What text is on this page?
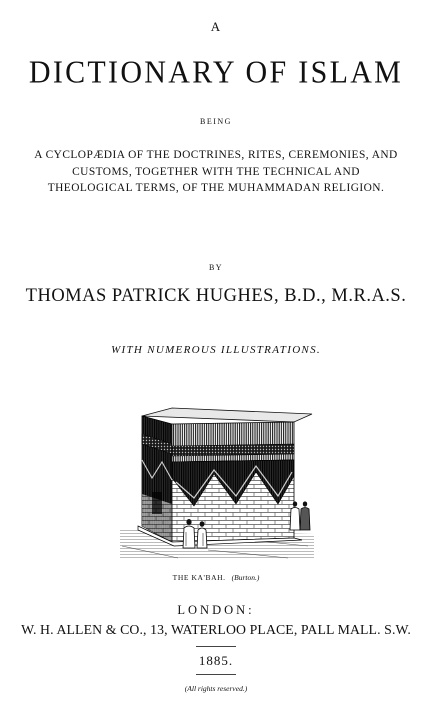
A
DICTIONARY OF ISLAM
BEING
A CYCLOPÆDIA OF THE DOCTRINES, RITES, CEREMONIES, AND
CUSTOMS, TOGETHER WITH THE TECHNICAL AND
THEOLOGICAL TERMS, OF THE MUHAMMADAN RELIGION.
BY
THOMAS PATRICK HUGHES, B.D., M.R.A.S.
WITH NUMEROUS ILLUSTRATIONS.
THE KA'BAH. (Burton.)
LONDON:
W. H. ALLEN & CO., 13, WATERLOO PLACE, PALL MALL. S.W.
1885.
(All rights reserved.)
